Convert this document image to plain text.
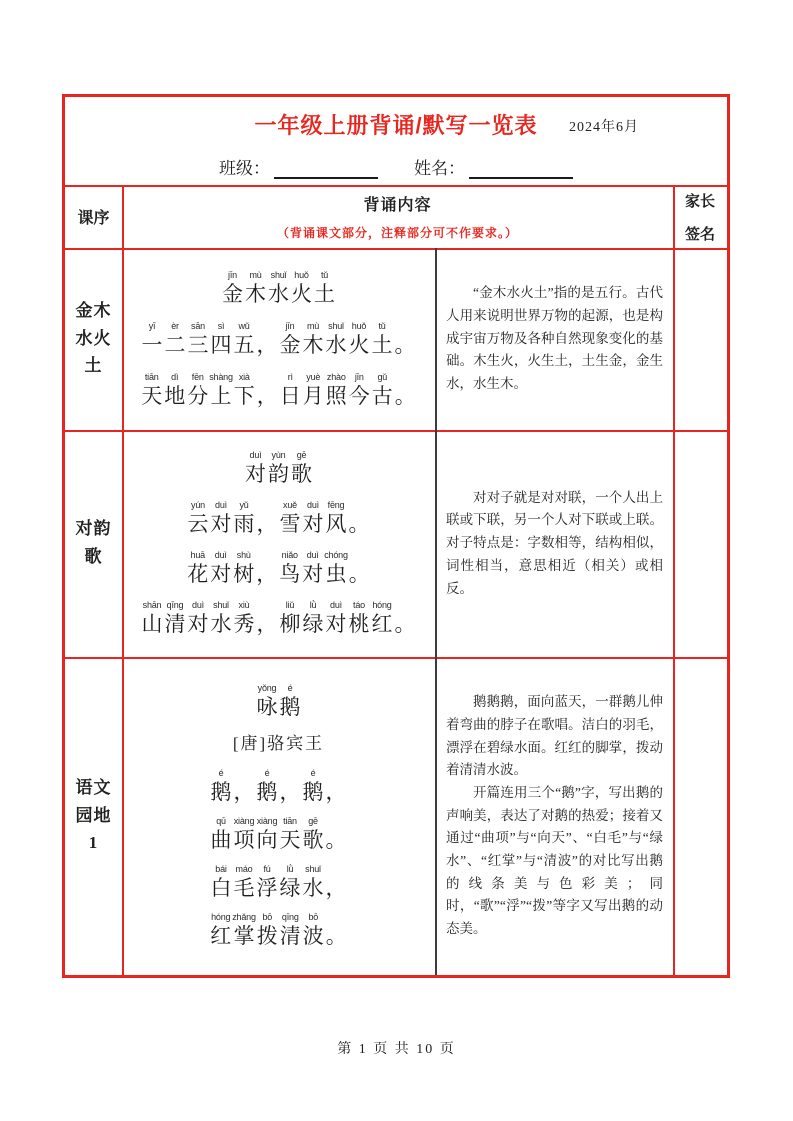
一年级上册背诵/默写一览表 2024年6月
班级：	姓名：
课序
背诵内容
（背诵课文部分，注释部分可不作要求。）
家长
签名
金木
水火
土
jīn
金
mù
木
shuǐ
水
huǒ
火
tǔ
土
yī
一
èr
二
sān
三
sì
四
wǔ
五 ，
jīn
金
mù
木
shuǐ
水
huǒ
火
tǔ
土 。
tiān
天
dì
地
fēn
分
shàng
上
xià
下 ，
rì
日
yuè
月
zhào
照
jīn
今
gǔ
古 。

“金木水火土”指的是五行。古代人用来说明世界万物的起源，也是构成宇宙万物及各种自然现象变化的基础。木生火，火生土，土生金，金生水，水生木。

对韵
歌
duì
对
yùn
韵
gē
歌
yún
云
duì
对
yǔ
雨 ，
xuě
雪
duì
对
fēng
风 。
huā
花
duì
对
shù
树 ，
niǎo
鸟
duì
对
chóng
虫 。
shān
山
qīng
清
duì
对
shuǐ
水
xiù
秀 ，
liǔ
柳
lǜ
绿
duì
对
táo
桃
hóng
红 。

对对子就是对对联，一个人出上联或下联，另一个人对下联或上联。对子特点是：字数相等，结构相似，词性相当，意思相近（相关）或相反。

语文
园地
1
yǒng
咏
é
鹅
[唐]骆宾王
é
鹅 ，
é
鹅 ，
é
鹅 ，
qū
曲
xiàng
项
xiàng
向
tiān
天
gē
歌 。
bái
白
máo
毛
fú
浮
lǜ
绿
shuǐ
水 ，
hóng
红
zhǎng
掌
bō
拨
qīng
清
bō
波 。

鹅鹅鹅，面向蓝天，一群鹅儿伸着弯曲的脖子在歌唱。洁白的羽毛，漂浮在碧绿水面。红红的脚掌，拨动着清清水波。

开篇连用三个“鹅”字，写出鹅的声响美，表达了对鹅的热爱；接着又通过“曲项”与“向天”、“白毛”与“绿水”、“红掌”与“清波”的对比写出鹅的线条美与色彩美；同时，“歌”“浮”“拨”等字又写出鹅的动态美。

第 1 页 共 10 页
